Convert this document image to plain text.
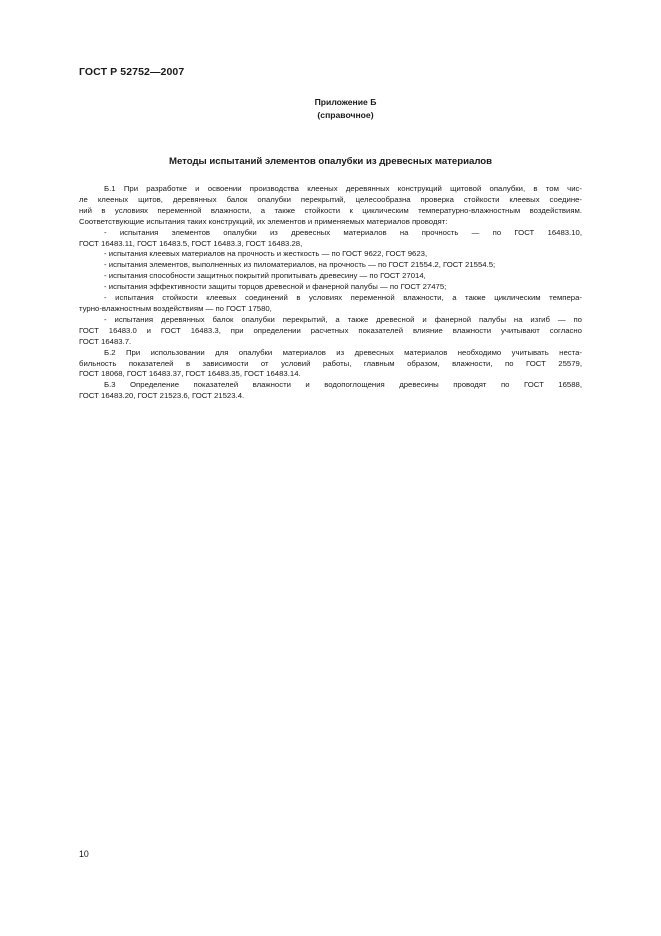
ГОСТ Р 52752—2007
Приложение Б
(справочное)
Методы испытаний элементов опалубки из древесных материалов

Б.1 При разработке и освоении производства клееных деревянных конструкций щитовой опалубки, в том чис-

ле клееных щитов, деревянных балок опалубки перекрытий, целесообразна проверка стойкости клеевых соедине-

ний в условиях переменной влажности, а также стойкости к циклическим температурно-влажностным воздействиям.

Соответствующие испытания таких конструкций, их элементов и применяемых материалов проводят:

- испытания элементов опалубки из древесных материалов на прочность — по ГОСТ 16483.10,

ГОСТ 16483.11, ГОСТ 16483.5, ГОСТ 16483.3, ГОСТ 16483.28,

- испытания клеевых материалов на прочность и жесткость — по ГОСТ 9622, ГОСТ 9623,

- испытания элементов, выполненных из пиломатериалов, на прочность — по ГОСТ 21554.2, ГОСТ 21554.5;

- испытания способности защитных покрытий пропитывать древесину — по ГОСТ 27014,

- испытания эффективности защиты торцов древесной и фанерной палубы — по ГОСТ 27475;

- испытания стойкости клеевых соединений в условиях переменной влажности, а также циклическим темпера-

турно-влажностным воздействиям — по ГОСТ 17580,

- испытания деревянных балок опалубки перекрытий, а также древесной и фанерной палубы на изгиб — по

ГОСТ 16483.0 и ГОСТ 16483.3, при определении расчетных показателей влияние влажности учитывают согласно

ГОСТ 16483.7.

Б.2 При использовании для опалубки материалов из древесных материалов необходимо учитывать неста-

бильность показателей в зависимости от условий работы, главным образом, влажности, по ГОСТ 25579,

ГОСТ 18068, ГОСТ 16483.37, ГОСТ 16483.35, ГОСТ 16483.14.

Б.3 Определение показателей влажности и водопоглощения древесины проводят по ГОСТ 16588,

ГОСТ 16483.20, ГОСТ 21523.6, ГОСТ 21523.4.

10
